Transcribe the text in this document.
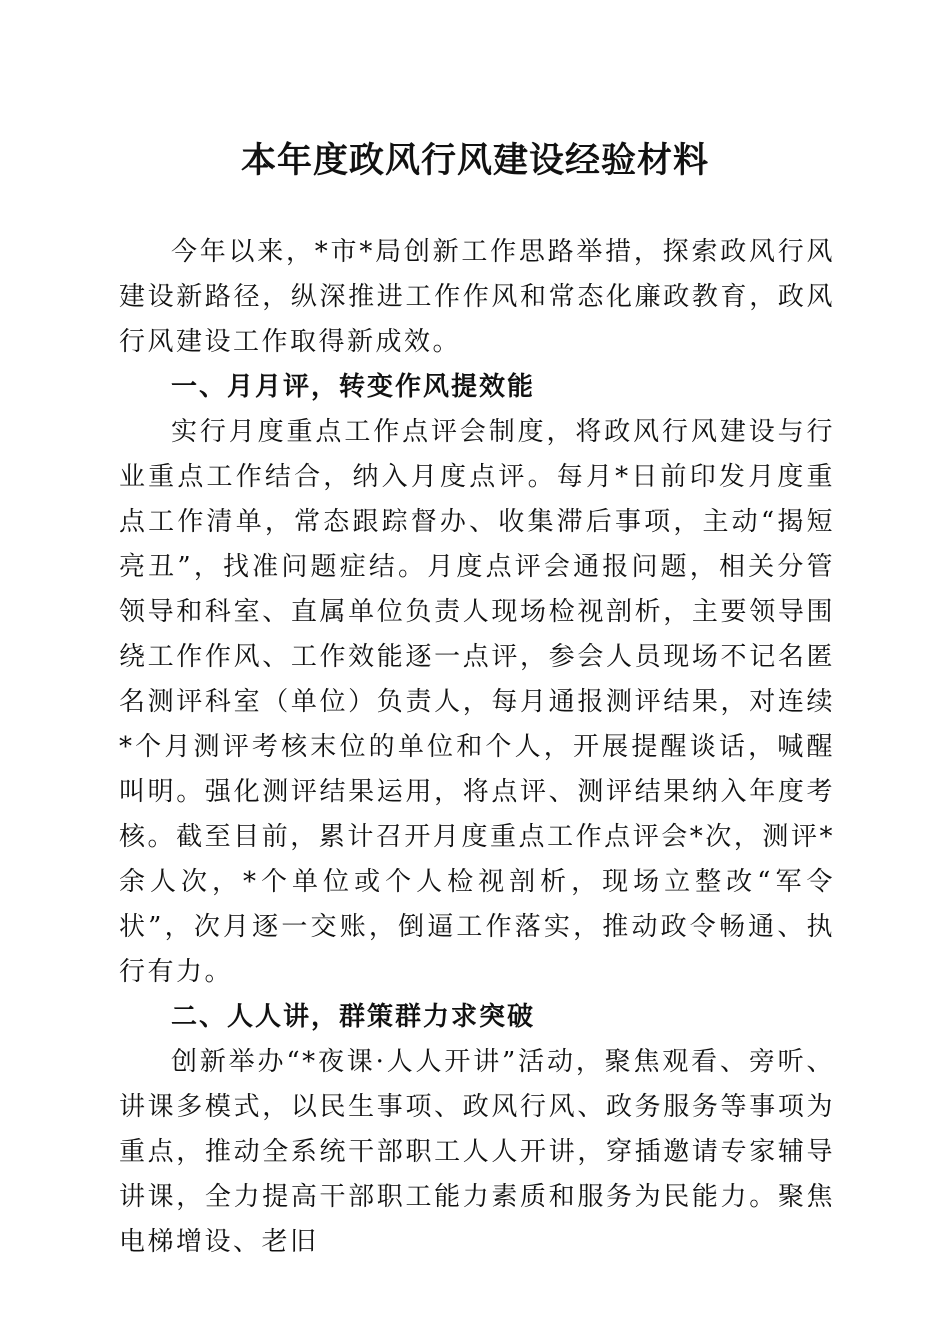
本年度政风行风建设经验材料

今年以来，*市*局创新工作思路举措，探索政风行风建设新路径，纵深推进工作作风和常态化廉政教育，政风行风建设工作取得新成效。

一、月月评，转变作风提效能

实行月度重点工作点评会制度，将政风行风建设与行业重点工作结合，纳入月度点评。每月*日前印发月度重点工作清单，常态跟踪督办、收集滞后事项，主动“揭短亮丑”，找准问题症结。月度点评会通报问题，相关分管领导和科室、直属单位负责人现场检视剖析，主要领导围绕工作作风、工作效能逐一点评，参会人员现场不记名匿名测评科室（单位）负责人，每月通报测评结果，对连续*个月测评考核末位的单位和个人，开展提醒谈话，喊醒叫明。强化测评结果运用，将点评、测评结果纳入年度考核。截至目前，累计召开月度重点工作点评会*次，测评*余人次，*个单位或个人检视剖析，现场立整改“军令状”，次月逐一交账，倒逼工作落实，推动政令畅通、执行有力。

二、人人讲，群策群力求突破

创新举办“*夜课·人人开讲”活动，聚焦观看、旁听、讲课多模式，以民生事项、政风行风、政务服务等事项为重点，推动全系统干部职工人人开讲，穿插邀请专家辅导讲课，全力提高干部职工能力素质和服务为民能力。聚焦电梯增设、老旧
